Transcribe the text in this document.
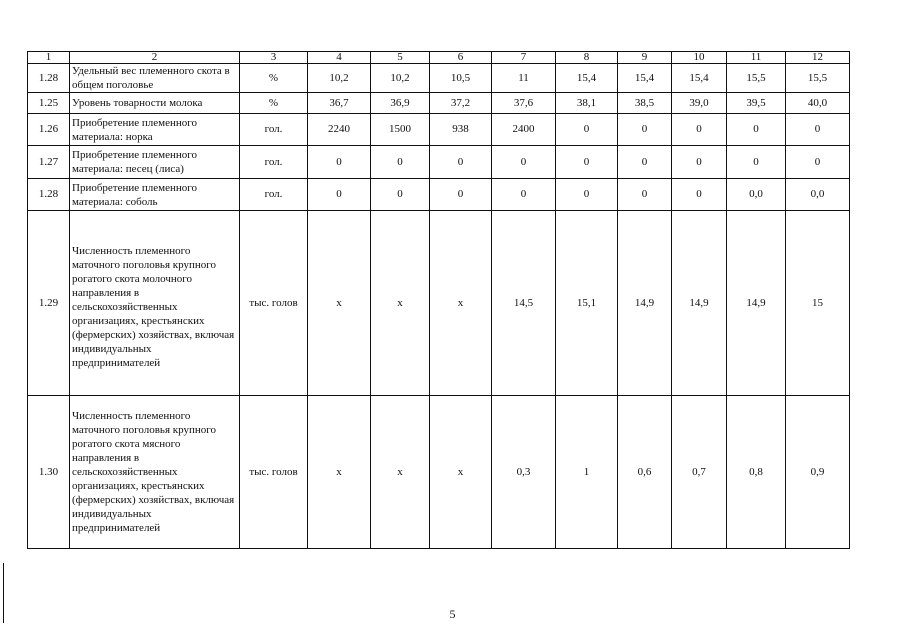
1	2	3	4	5	6	7	8	9	10	11	12
1.28	Удельный вес племенного скота в общем поголовье	%	10,2	10,2	10,5	11	15,4	15,4	15,4	15,5	15,5
1.25	Уровень товарности молока	%	36,7	36,9	37,2	37,6	38,1	38,5	39,0	39,5	40,0
1.26	Приобретение племенного материала: норка	гол.	2240	1500	938	2400	0	0	0	0	0
1.27	Приобретение племенного материала: песец (лиса)	гол.	0	0	0	0	0	0	0	0	0
1.28	Приобретение племенного материала: соболь	гол.	0	0	0	0	0	0	0	0,0	0,0
1.29	Численность племенного маточного поголовья крупного рогатого скота молочного направления в сельскохозяйственных организациях, крестьянских (фермерских) хозяйствах, включая индивидуальных предпринимателей	тыс. голов	х	х	х	14,5	15,1	14,9	14,9	14,9	15
1.30	Численность племенного маточного поголовья крупного рогатого скота мясного направления в сельскохозяйственных организациях, крестьянских (фермерских) хозяйствах, включая индивидуальных предпринимателей	тыс. голов	х	х	х	0,3	1	0,6	0,7	0,8	0,9
5
